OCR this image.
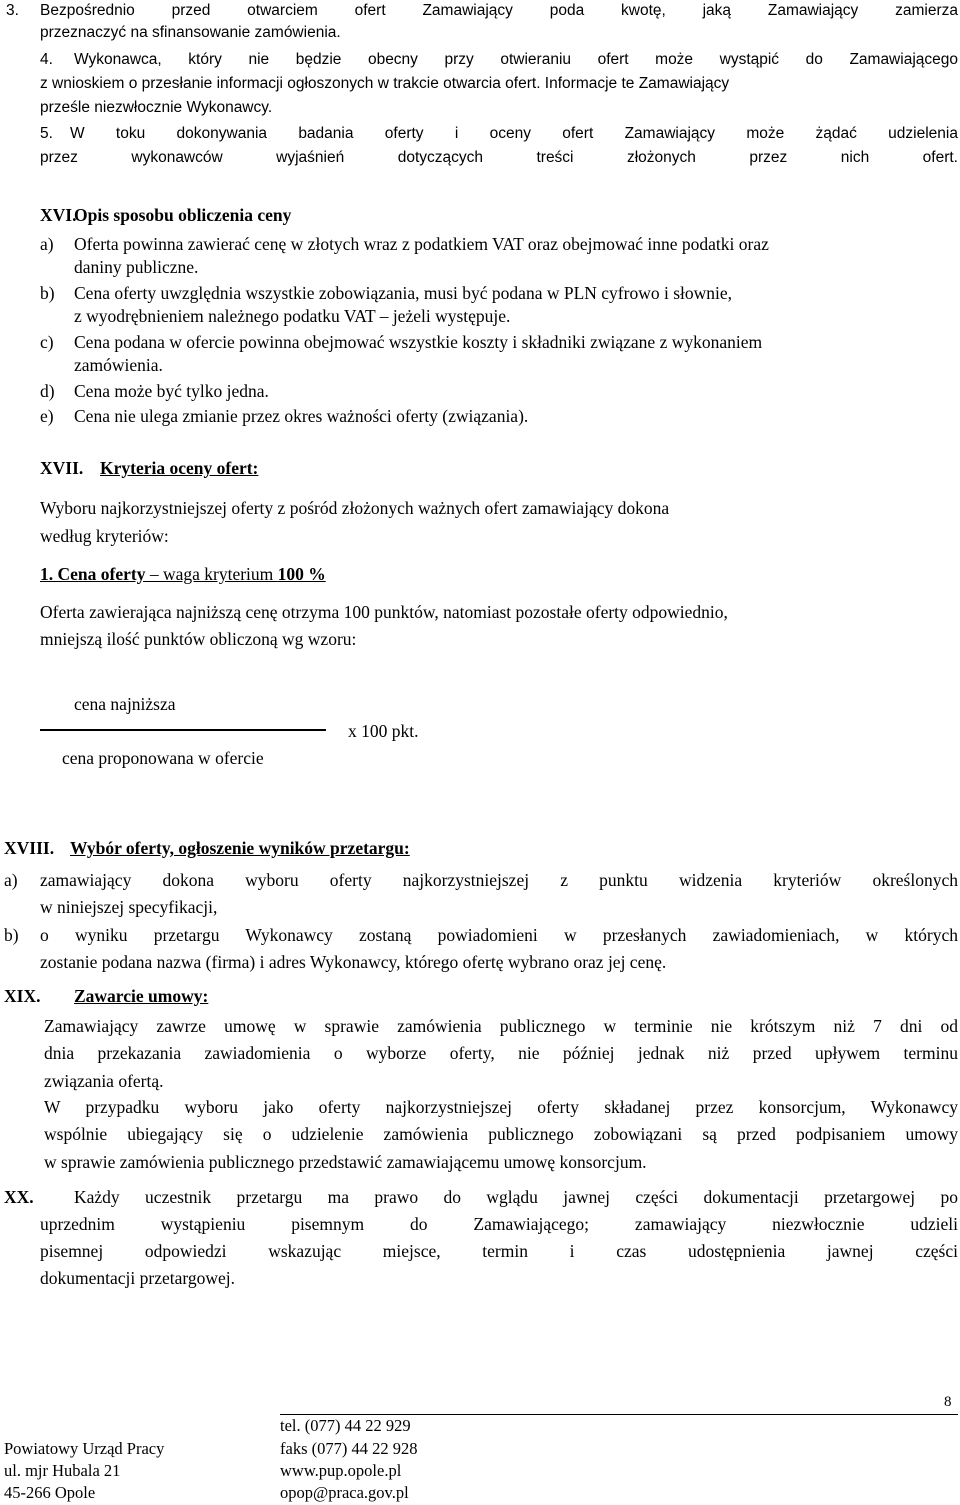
3. Bezpośrednio przed otwarciem ofert Zamawiający poda kwotę, jaką Zamawiający zamierza
przeznaczyć na sfinansowanie zamówienia.
4. Wykonawca, który nie będzie obecny przy otwieraniu ofert może wystąpić do Zamawiającego
z wnioskiem o przesłanie informacji ogłoszonych w trakcie otwarcia ofert. Informacje te Zamawiający
prześle niezwłocznie Wykonawcy.
5. W toku dokonywania badania oferty i oceny ofert Zamawiający może żądać udzielenia
przez wykonawców wyjaśnień dotyczących treści złożonych przez nich ofert.
XVI.
Opis sposobu obliczenia ceny
a) Oferta powinna zawierać cenę w złotych wraz z podatkiem VAT oraz obejmować inne podatki oraz
daniny publiczne.
b) Cena oferty uwzględnia wszystkie zobowiązania, musi być podana w PLN cyfrowo i słownie,
z wyodrębnieniem należnego podatku VAT – jeżeli występuje.
c) Cena podana w ofercie powinna obejmować wszystkie koszty i składniki związane z wykonaniem
zamówienia.
d) Cena może być tylko jedna.
e) Cena nie ulega zmianie przez okres ważności oferty (związania).
XVII. Kryteria oceny ofert:
Wyboru najkorzystniejszej oferty z pośród złożonych ważnych ofert zamawiający dokona
według kryteriów:
1. Cena oferty – waga kryterium 100 %
Oferta zawierająca najniższą cenę otrzyma 100 punktów, natomiast pozostałe oferty odpowiednio,
mniejszą ilość punktów obliczoną wg wzoru:
cena najniższa
x 100 pkt.
cena proponowana w ofercie
XVIII. Wybór oferty, ogłoszenie wyników przetargu:
a) zamawiający dokona wyboru oferty najkorzystniejszej z punktu widzenia kryteriów określonych
w niniejszej specyfikacji,
b) o wyniku przetargu Wykonawcy zostaną powiadomieni w przesłanych zawiadomieniach, w których
zostanie podana nazwa (firma) i adres Wykonawcy, którego ofertę wybrano oraz jej cenę.
XIX. Zawarcie umowy:
Zamawiający zawrze umowę w sprawie zamówienia publicznego w terminie nie krótszym niż 7 dni od
dnia przekazania zawiadomienia o wyborze oferty, nie później jednak niż przed upływem terminu
związania ofertą.
W przypadku wyboru jako oferty najkorzystniejszej oferty składanej przez konsorcjum, Wykonawcy
wspólnie ubiegający się o udzielenie zamówienia publicznego zobowiązani są przed podpisaniem umowy
w sprawie zamówienia publicznego przedstawić zamawiającemu umowę konsorcjum.
XX. Każdy uczestnik przetargu ma prawo do wglądu jawnej części dokumentacji przetargowej po
uprzednim wystąpieniu pisemnym do Zamawiającego; zamawiający niezwłocznie udzieli
pisemnej odpowiedzi wskazując miejsce, termin i czas udostępnienia jawnej części
dokumentacji przetargowej.
8
tel. (077) 44 22 929
Powiatowy Urząd Pracy	faks (077) 44 22 928
ul. mjr Hubala 21	www.pup.opole.pl
45-266 Opole	opop@praca.gov.pl
